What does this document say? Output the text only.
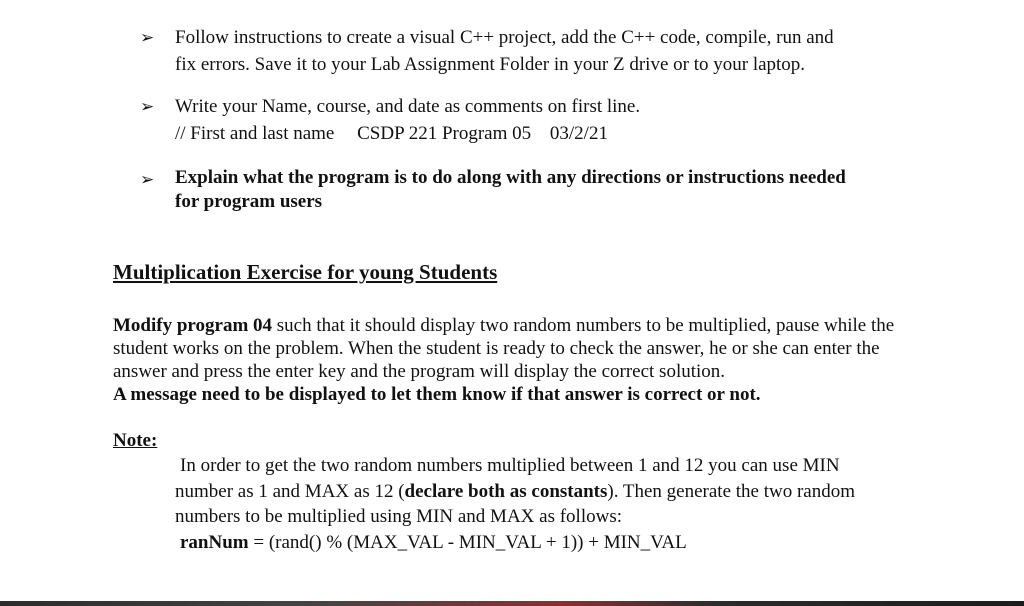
➢ Follow instructions to create a visual C++ project, add the C++ code, compile, run and
fix errors. Save it to your Lab Assignment Folder in your Z drive or to your laptop.
➢ Write your Name, course, and date as comments on first line.
// First and last name CSDP 221 Program 05 03/2/21
➢ Explain what the program is to do along with any directions or instructions needed
for program users
Multiplication Exercise for young Students
Modify program 04 such that it should display two random numbers to be multiplied, pause while the student works on the problem. When the student is ready to check the answer, he or she can enter the answer and press the enter key and the program will display the correct solution.
A message need to be displayed to let them know if that answer is correct or not.
Note:
In order to get the two random numbers multiplied between 1 and 12 you can use MIN
number as 1 and MAX as 12 (declare both as constants). Then generate the two random
numbers to be multiplied using MIN and MAX as follows:
ranNum = (rand() % (MAX_VAL - MIN_VAL + 1)) + MIN_VAL
